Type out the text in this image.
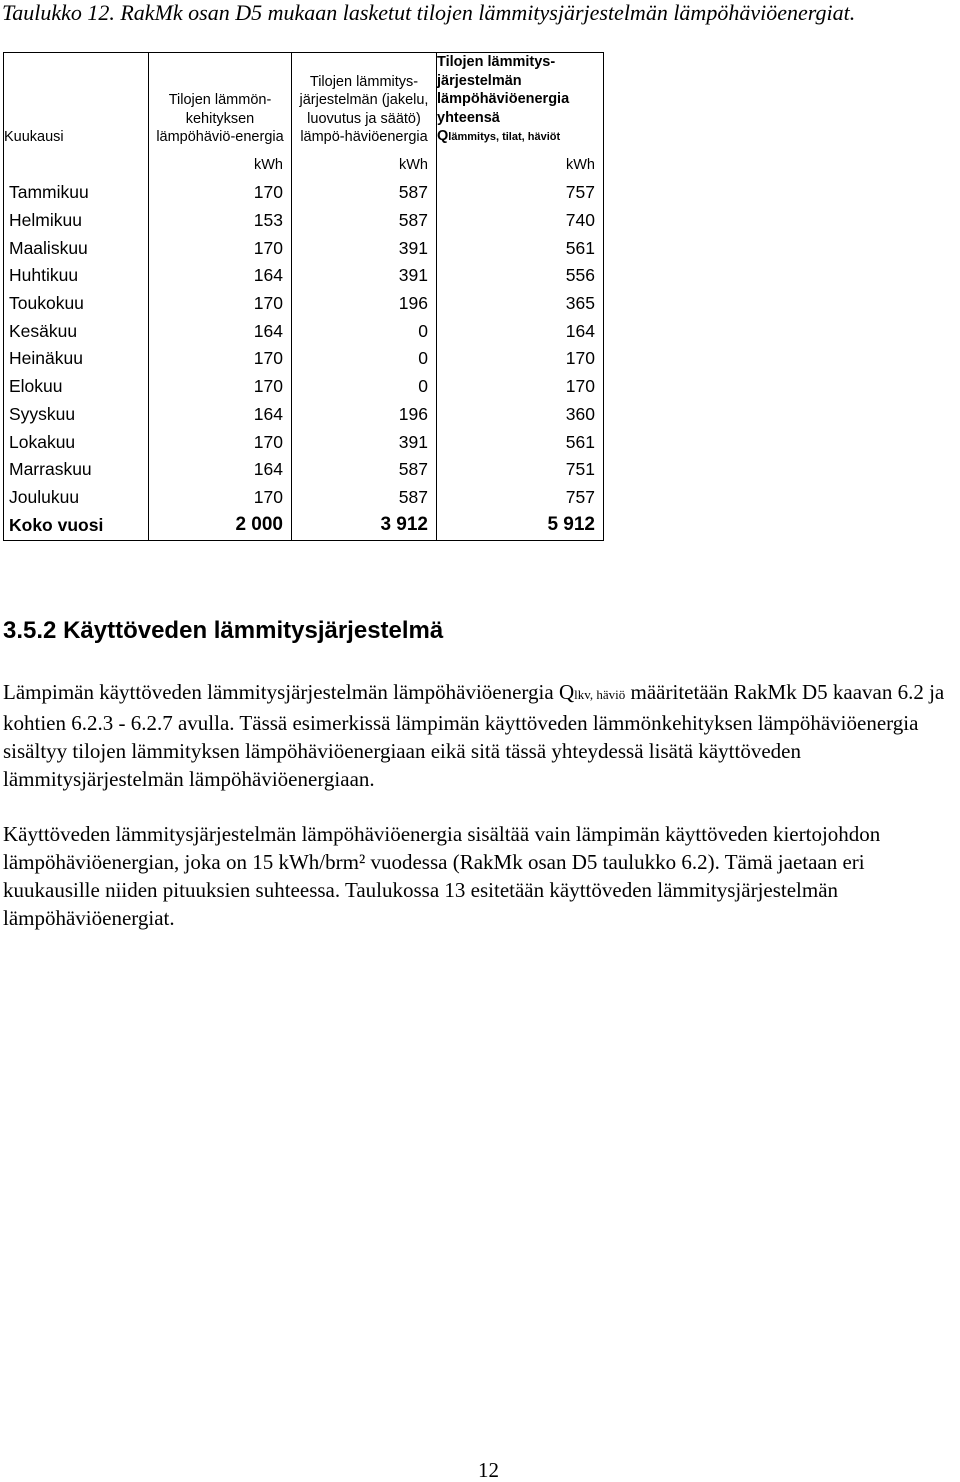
Taulukko 12. RakMk osan D5 mukaan lasketut tilojen lämmitysjärjestelmän lämpöhäviöenergiat.
Kuukausi	Tilojen lämmön-kehityksen lämpöhäviö-energia	Tilojen lämmitys-järjestelmän (jakelu, luovutus ja säätö) lämpö-häviöenergia	Tilojen lämmitys-järjestelmän lämpöhäviöenergia yhteensä
Qlämmitys, tilat, häviöt
	kWh	kWh	kWh
Tammikuu	170	587	757
Helmikuu	153	587	740
Maaliskuu	170	391	561
Huhtikuu	164	391	556
Toukokuu	170	196	365
Kesäkuu	164	0	164
Heinäkuu	170	0	170
Elokuu	170	0	170
Syyskuu	164	196	360
Lokakuu	170	391	561
Marraskuu	164	587	751
Joulukuu	170	587	757
Koko vuosi	2 000	3 912	5 912
3.5.2 Käyttöveden lämmitysjärjestelmä

Lämpimän käyttöveden lämmitysjärjestelmän lämpöhäviöenergia Qlkv, häviö määritetään RakMk D5 kaavan 6.2 ja kohtien 6.2.3 - 6.2.7 avulla. Tässä esimerkissä lämpimän käyttöveden lämmönkehityksen lämpöhäviöenergia sisältyy tilojen lämmityksen lämpöhäviöenergiaan eikä sitä tässä yhteydessä lisätä käyttöveden lämmitysjärjestelmän lämpöhäviöenergiaan.

Käyttöveden lämmitysjärjestelmän lämpöhäviöenergia sisältää vain lämpimän käyttöveden kiertojohdon lämpöhäviöenergian, joka on 15 kWh/brm² vuodessa (RakMk osan D5 taulukko 6.2). Tämä jaetaan eri kuukausille niiden pituuksien suhteessa. Taulukossa 13 esitetään käyttöveden lämmitysjärjestelmän lämpöhäviöenergiat.

12
